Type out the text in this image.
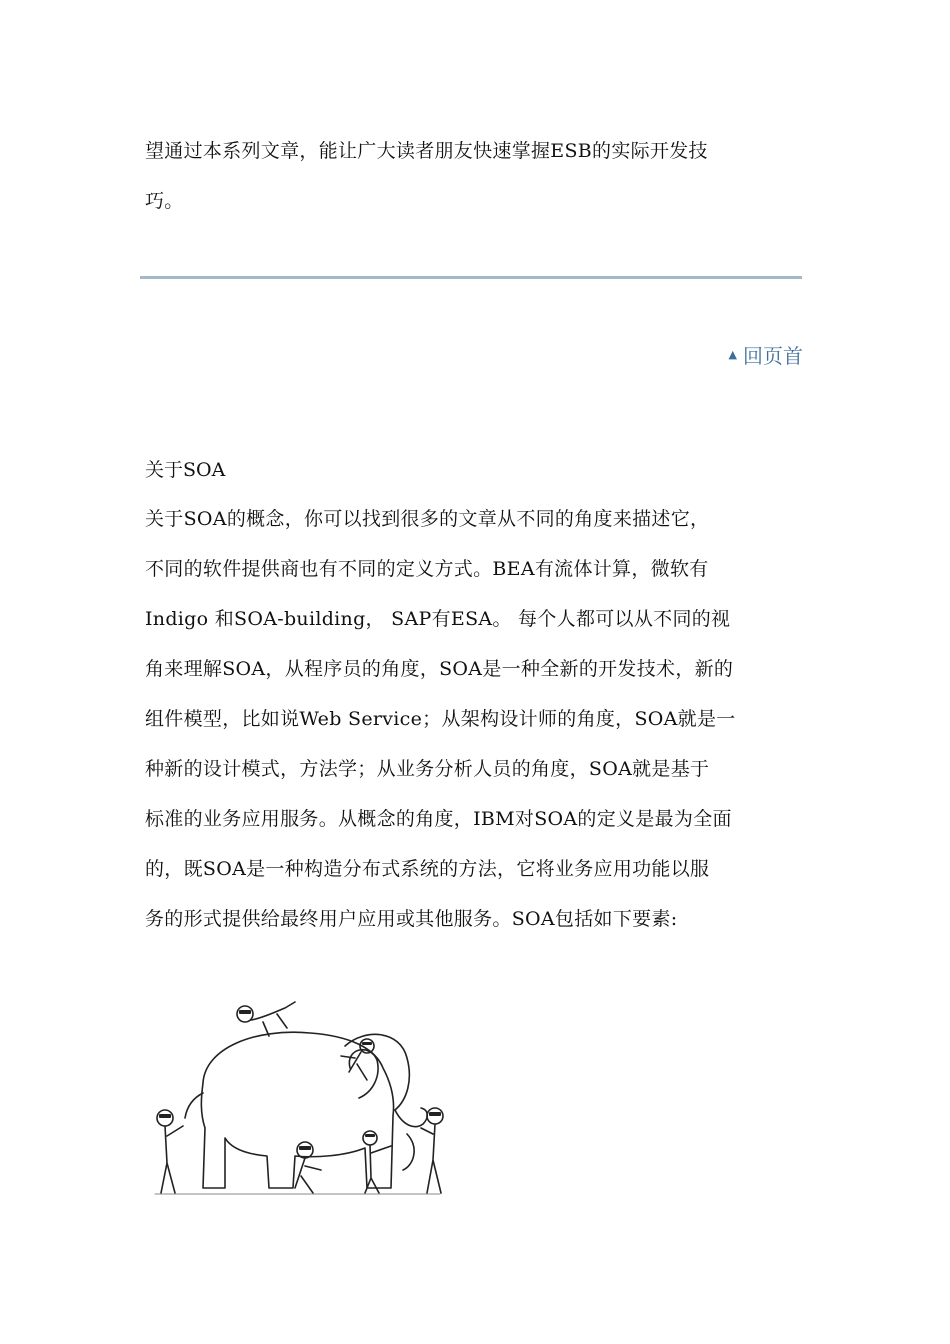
望通过本系列文章，能让广大读者朋友快速掌握ESB的实际开发技

巧。

▲ 回页首
关于SOA

关于SOA的概念，你可以找到很多的文章从不同的角度来描述它，

不同的软件提供商也有不同的定义方式。BEA有流体计算，微软有

Indigo 和SOA-building， SAP有ESA。 每个人都可以从不同的视

角来理解SOA，从程序员的角度，SOA是一种全新的开发技术，新的

组件模型，比如说Web Service；从架构设计师的角度，SOA就是一

种新的设计模式，方法学；从业务分析人员的角度，SOA就是基于

标准的业务应用服务。从概念的角度，IBM对SOA的定义是最为全面

的，既SOA是一种构造分布式系统的方法，它将业务应用功能以服

务的形式提供给最终用户应用或其他服务。SOA包括如下要素:
